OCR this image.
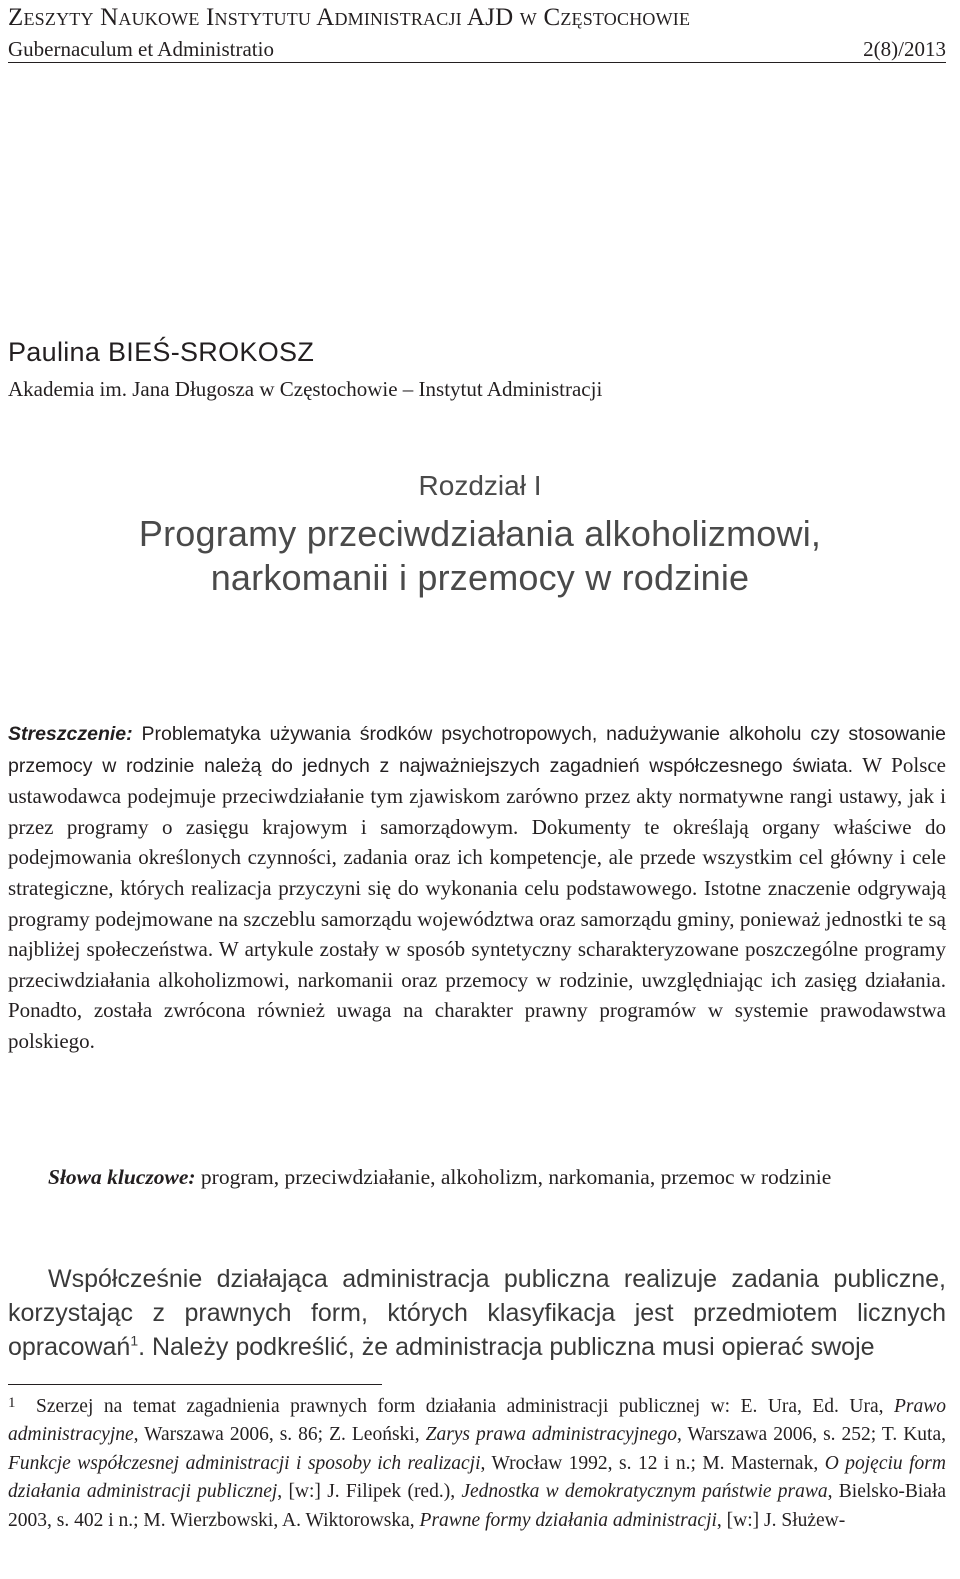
Zeszyty Naukowe Instytutu Administracji AJD w Częstochowie
Gubernaculum et Administratio	2(8)/2013
Paulina BIEŚ-SROKOSZ
Akademia im. Jana Długosza w Częstochowie – Instytut Administracji
Rozdział I
Programy przeciwdziałania alkoholizmowi,
narkomanii i przemocy w rodzinie
Streszczenie: Problematyka używania środków psychotropowych, nadużywanie alkoholu czy stosowanie przemocy w rodzinie należą do jednych z najważniejszych zagadnień współczesnego świata. W Polsce ustawodawca podejmuje przeciwdziałanie tym zjawiskom zarówno przez akty normatywne rangi ustawy, jak i przez programy o zasięgu krajowym i samorządowym. Dokumenty te określają organy właściwe do podejmowania określonych czynności, zadania oraz ich kompetencje, ale przede wszystkim cel główny i cele strategiczne, których realizacja przyczyni się do wykonania celu podstawowego. Istotne znaczenie odgrywają programy podejmowane na szczeblu samorządu województwa oraz samorządu gminy, ponieważ jednostki te są najbliżej społeczeństwa. W artykule zostały w sposób syntetyczny scharakteryzowane poszczególne programy przeciwdziałania alkoholizmowi, narkomanii oraz przemocy w rodzinie, uwzględniając ich zasięg działania. Ponadto, została zwrócona również uwaga na charakter prawny programów w systemie prawodawstwa polskiego.
Słowa kluczowe: program, przeciwdziałanie, alkoholizm, narkomania, przemoc w rodzinie
Współcześnie działająca administracja publiczna realizuje zadania publiczne, korzystając z prawnych form, których klasyfikacja jest przedmiotem licznych opracowań$^1$. Należy podkreślić, że administracja publiczna musi opierać swoje
1 Szerzej na temat zagadnienia prawnych form działania administracji publicznej w: E. Ura, Ed. Ura, Prawo administracyjne, Warszawa 2006, s. 86; Z. Leoński, Zarys prawa administracyjnego, Warszawa 2006, s. 252; T. Kuta, Funkcje współczesnej administracji i sposoby ich realizacji, Wrocław 1992, s. 12 i n.; M. Masternak, O pojęciu form działania administracji publicznej, [w:] J. Filipek (red.), Jednostka w demokratycznym państwie prawa, Bielsko-Biała 2003, s. 402 i n.; M. Wierzbowski, A. Wiktorowska, Prawne formy działania administracji, [w:] J. Służew-
